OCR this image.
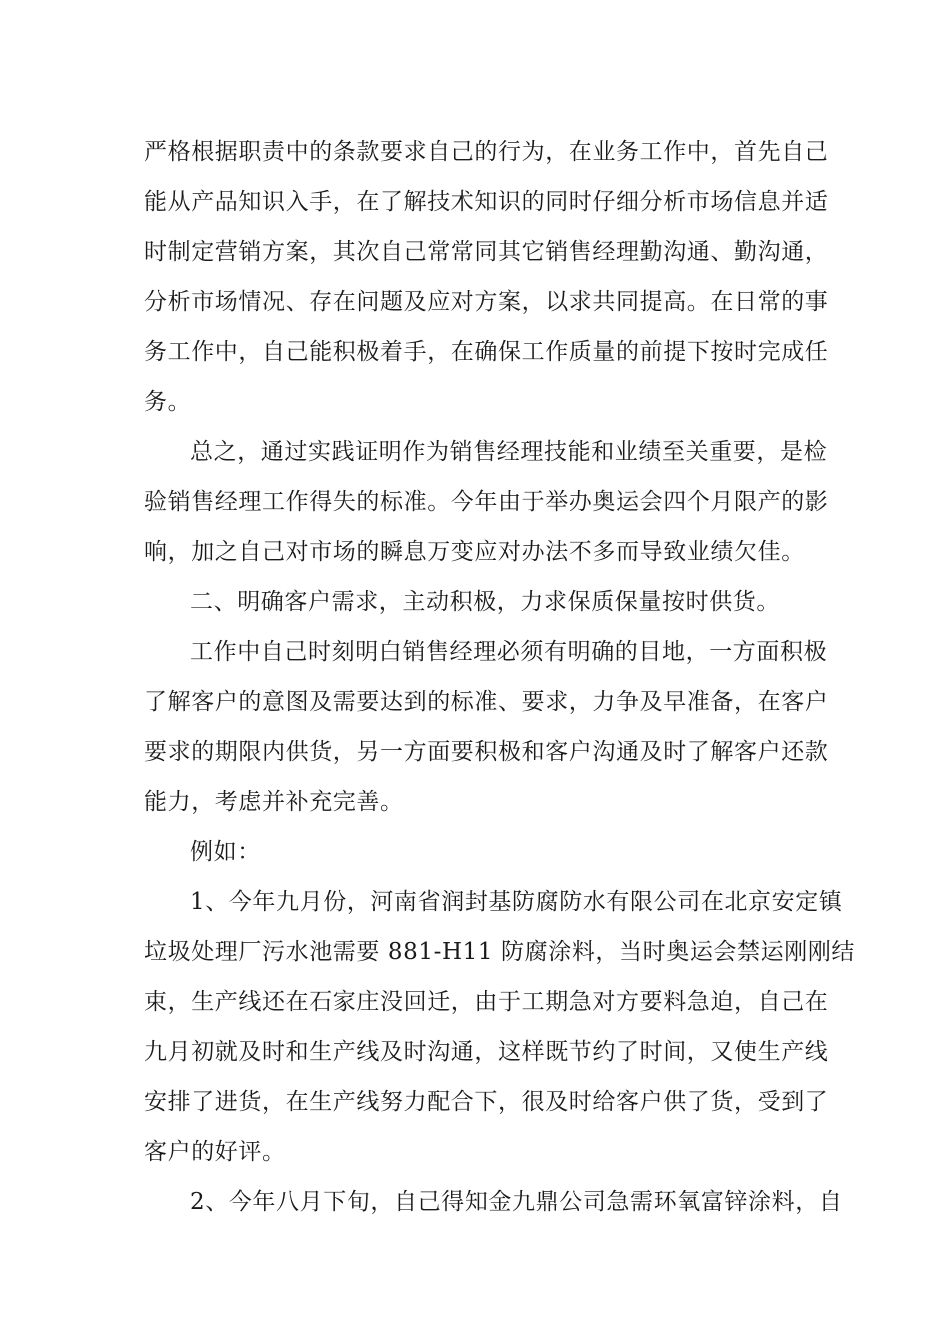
严格根据职责中的条款要求自己的行为，在业务工作中，首先自己
能从产品知识入手，在了解技术知识的同时仔细分析市场信息并适
时制定营销方案，其次自己常常同其它销售经理勤沟通、勤沟通，
分析市场情况、存在问题及应对方案，以求共同提高。在日常的事
务工作中，自己能积极着手，在确保工作质量的前提下按时完成任
务。
总之，通过实践证明作为销售经理技能和业绩至关重要，是检
验销售经理工作得失的标准。今年由于举办奥运会四个月限产的影
响，加之自己对市场的瞬息万变应对办法不多而导致业绩欠佳。
二、明确客户需求，主动积极，力求保质保量按时供货。
工作中自己时刻明白销售经理必须有明确的目地，一方面积极
了解客户的意图及需要达到的标准、要求，力争及早准备，在客户
要求的期限内供货，另一方面要积极和客户沟通及时了解客户还款
能力，考虑并补充完善。
例如：
1、今年九月份，河南省润封基防腐防水有限公司在北京安定镇
垃圾处理厂污水池需要 881-H11 防腐涂料，当时奥运会禁运刚刚结
束，生产线还在石家庄没回迁，由于工期急对方要料急迫，自己在
九月初就及时和生产线及时沟通，这样既节约了时间，又使生产线
安排了进货，在生产线努力配合下，很及时给客户供了货，受到了
客户的好评。
2、今年八月下旬，自己得知金九鼎公司急需环氧富锌涂料，自
